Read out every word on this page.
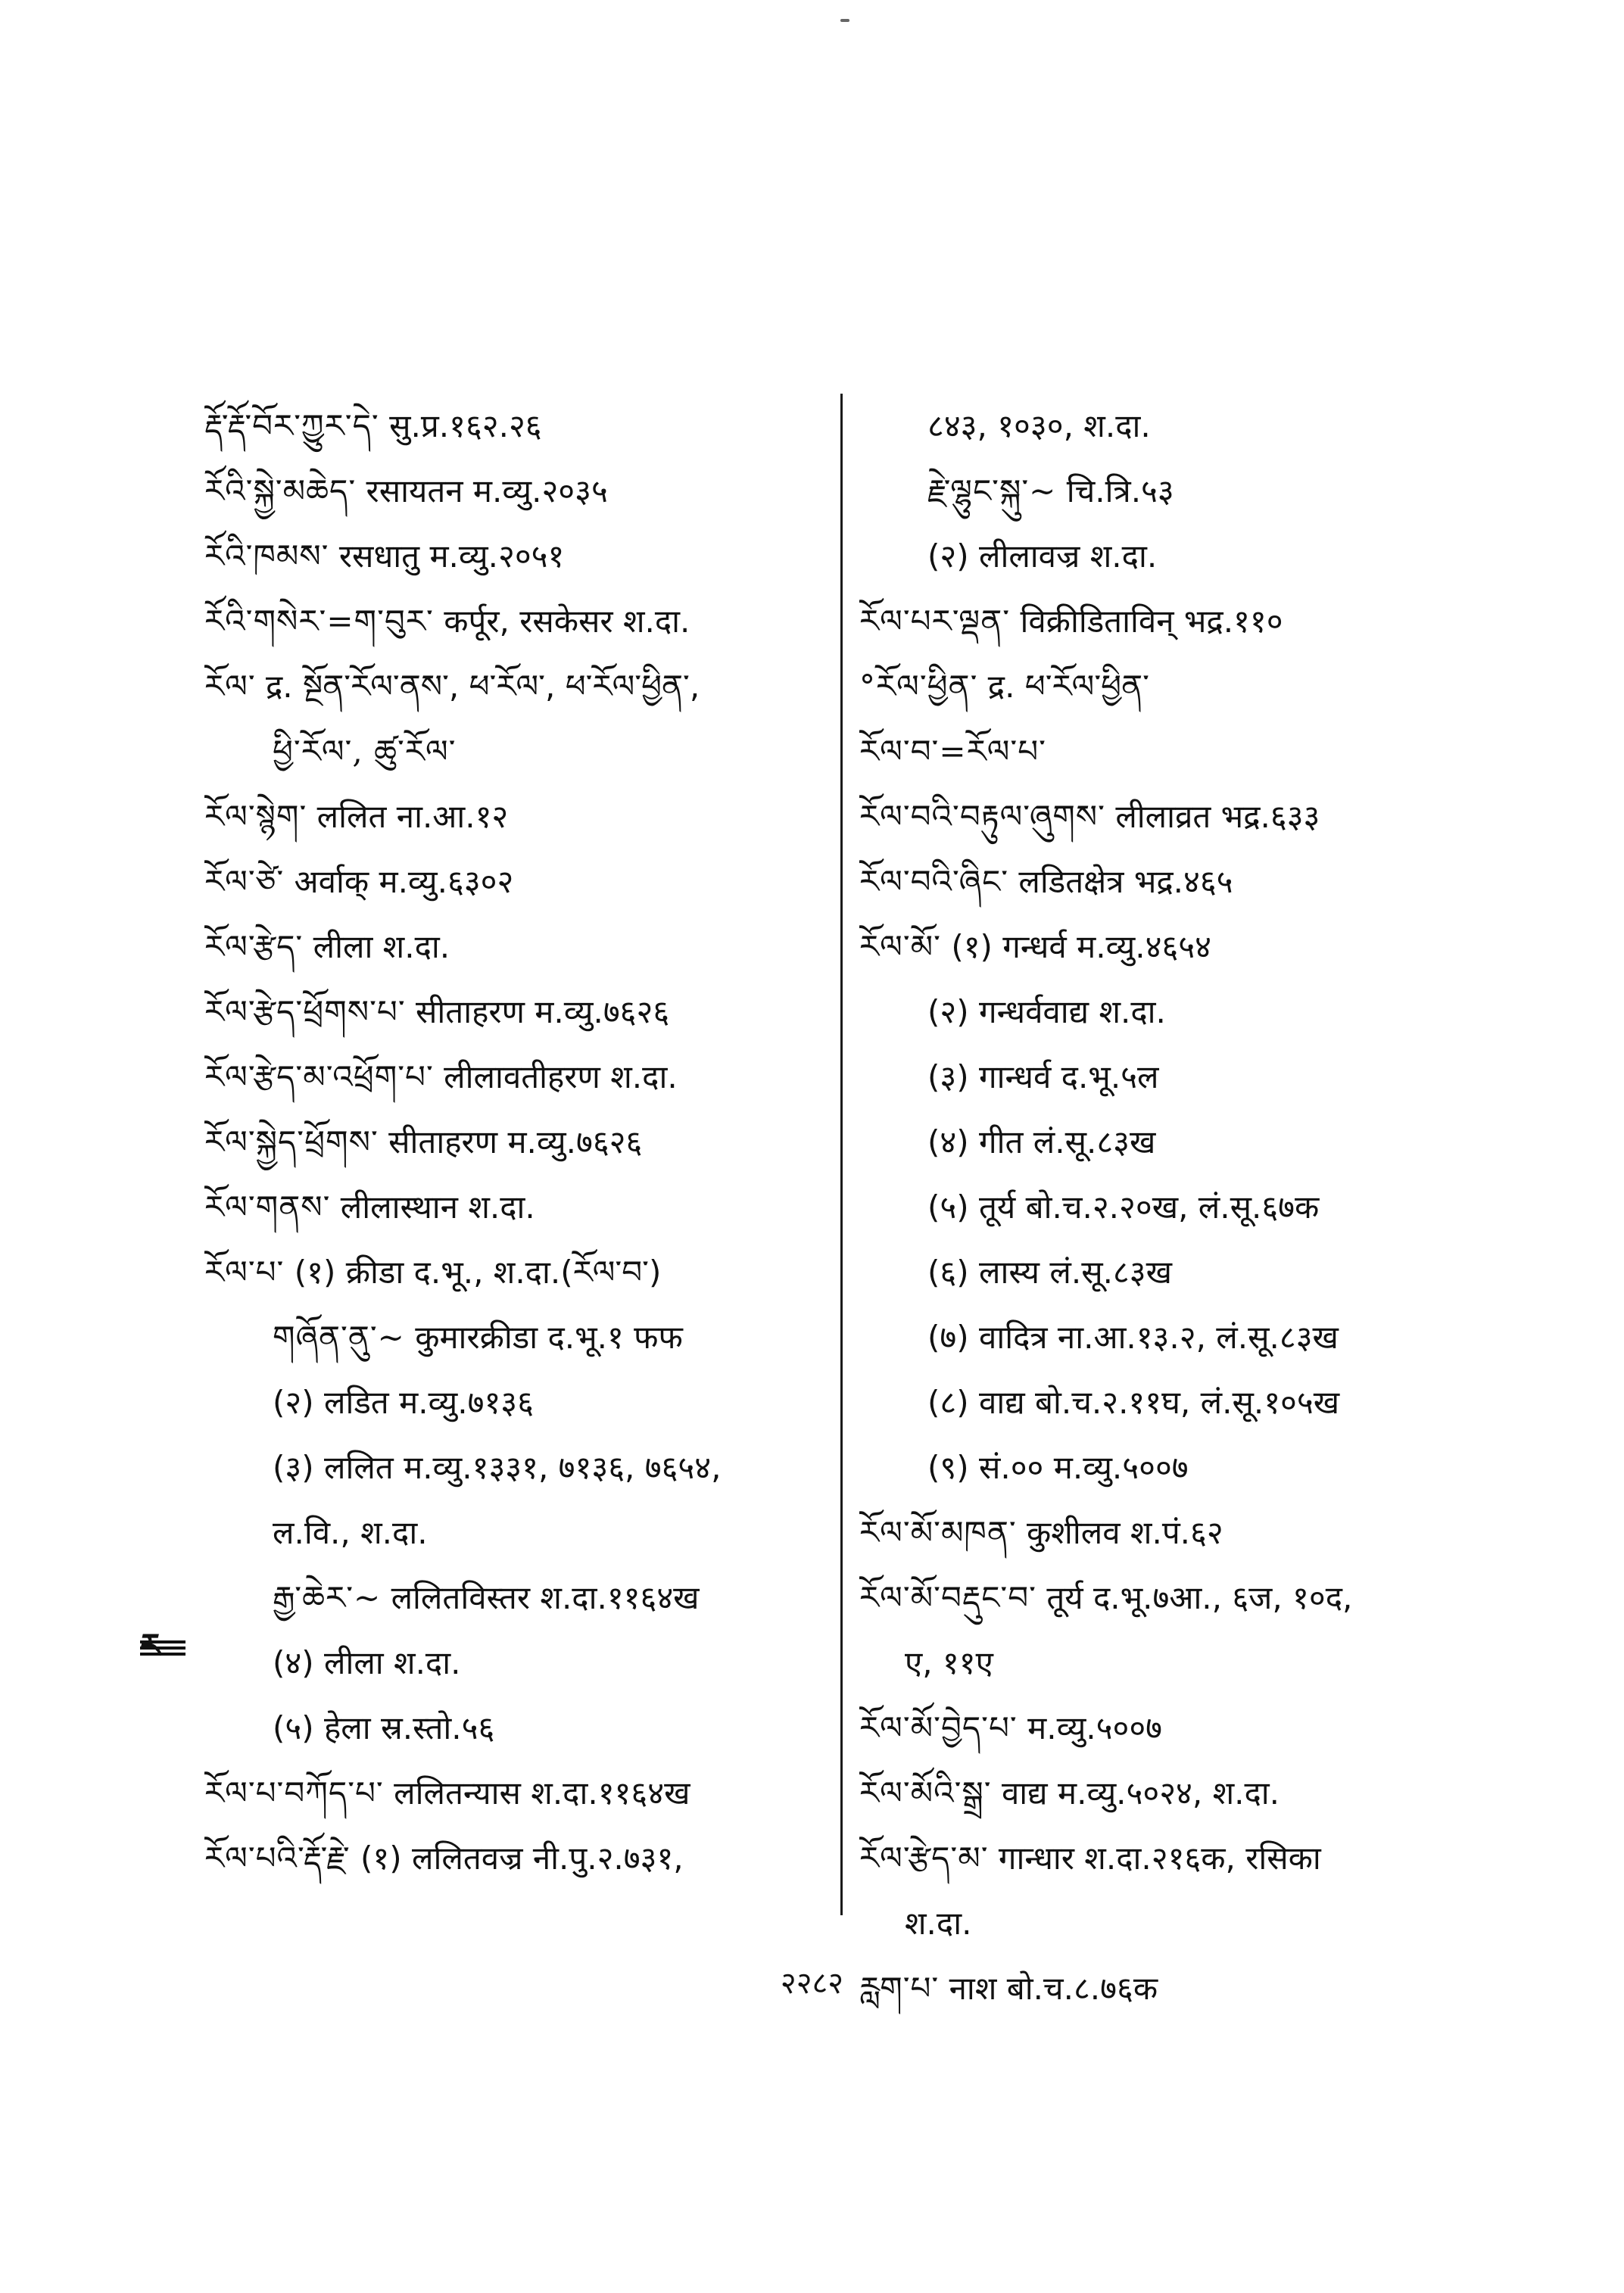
རྡོ་རྡོ་བོར་ཀྱུར་དེ་ सु.प्र.१६२.२६
རོའི་སྐྱེ་མཆེད་ रसायतन म.व्यु.२०३५
རོའི་ཁམས་ रसधातु म.व्यु.२०५१
རོའི་གསེར་=ག་བུར་ कर्पूर, रसकेसर श.दा.
རོལ་ द्र. སྔོན་རོལ་ནས་, ཕ་རོལ་, ཕ་རོལ་ཕྱིན་,
ཕྱི་རོལ་, ཚུ་རོལ་
རོལ་སྙེག་ ललित ना.आ.१२
རོལ་ཙེ་ अर्वाक् म.व्यु.६३०२
རོལ་རྩེད་ लीला श.दा.
རོལ་རྩེད་ཕྲོགས་པ་ सीताहरण म.व्यु.७६२६
རོལ་རྩེད་མ་འཕྲོག་པ་ लीलावतीहरण श.दा.
རོལ་སྐྱེད་ཕྲོགས་ सीताहरण म.व्यु.७६२६
རོལ་གནས་ लीलास्थान श.दा.
རོལ་པ་ (१) क्रीडा द.भू., श.दा.(རོལ་བ་)
གཞོན་ནུ་~ कुमारक्रीडा द.भू.१ फफ
(२) लडित म.व्यु.७१३६
(३) ललित म.व्यु.१३३१, ७१३६, ७६५४,
ल.वि., श.दा.
རྒྱ་ཆེར་~ ललितविस्तर श.दा.११६४ख
(४) लीला श.दा.
(५) हेला स्र.स्तो.५६
རོལ་པ་བཀོད་པ་ ललितन्यास श.दा.११६४ख
རོལ་པའི་རྡོ་རྗེ་ (१) ललितवज्र नी.पु.२.७३१,
८४३, १०३०, श.दा.
རྗེ་ལྷུང་སྐུ་~ चि.त्रि.५३
(२) लीलावज्र श.दा.
རོལ་པར་ལྡན་ विक्रीडिताविन् भद्र.११०
°རོལ་ཕྱིན་ द्र. ཕ་རོལ་ཕྱིན་
རོལ་བ་=རོལ་པ་
རོལ་བའི་བརྟུལ་ཞུགས་ लीलाव्रत भद्र.६३३
རོལ་བའི་ཞིང་ लडितक्षेत्र भद्र.४६५
རོལ་མོ་ (१) गन्धर्व म.व्यु.४६५४
(२) गन्धर्ववाद्य श.दा.
(३) गान्धर्व द.भू.५ल
(४) गीत लं.सू.८३ख
(५) तूर्य बो.च.२.२०ख, लं.सू.६७क
(६) लास्य लं.सू.८३ख
(७) वादित्र ना.आ.१३.२, लं.सू.८३ख
(८) वाद्य बो.च.२.११घ, लं.सू.१०५ख
(९) सं.०० म.व्यु.५००७
རོལ་མོ་མཁན་ कुशीलव श.पं.६२
རོལ་མོ་བརྡུང་བ་ तूर्य द.भू.७आ., ६ज, १०द,
ए, ११ए
རོལ་མོ་བྱེད་པ་ म.व्यु.५००७
རོལ་མོའི་སྒྲ་ वाद्य म.व्यु.५०२४, श.दा.
རོལ་རྩེད་མ་ गान्धार श.दा.२१६क, रसिका
श.दा.
རླག་པ་ नाश बो.च.८.७६क
२२८२
